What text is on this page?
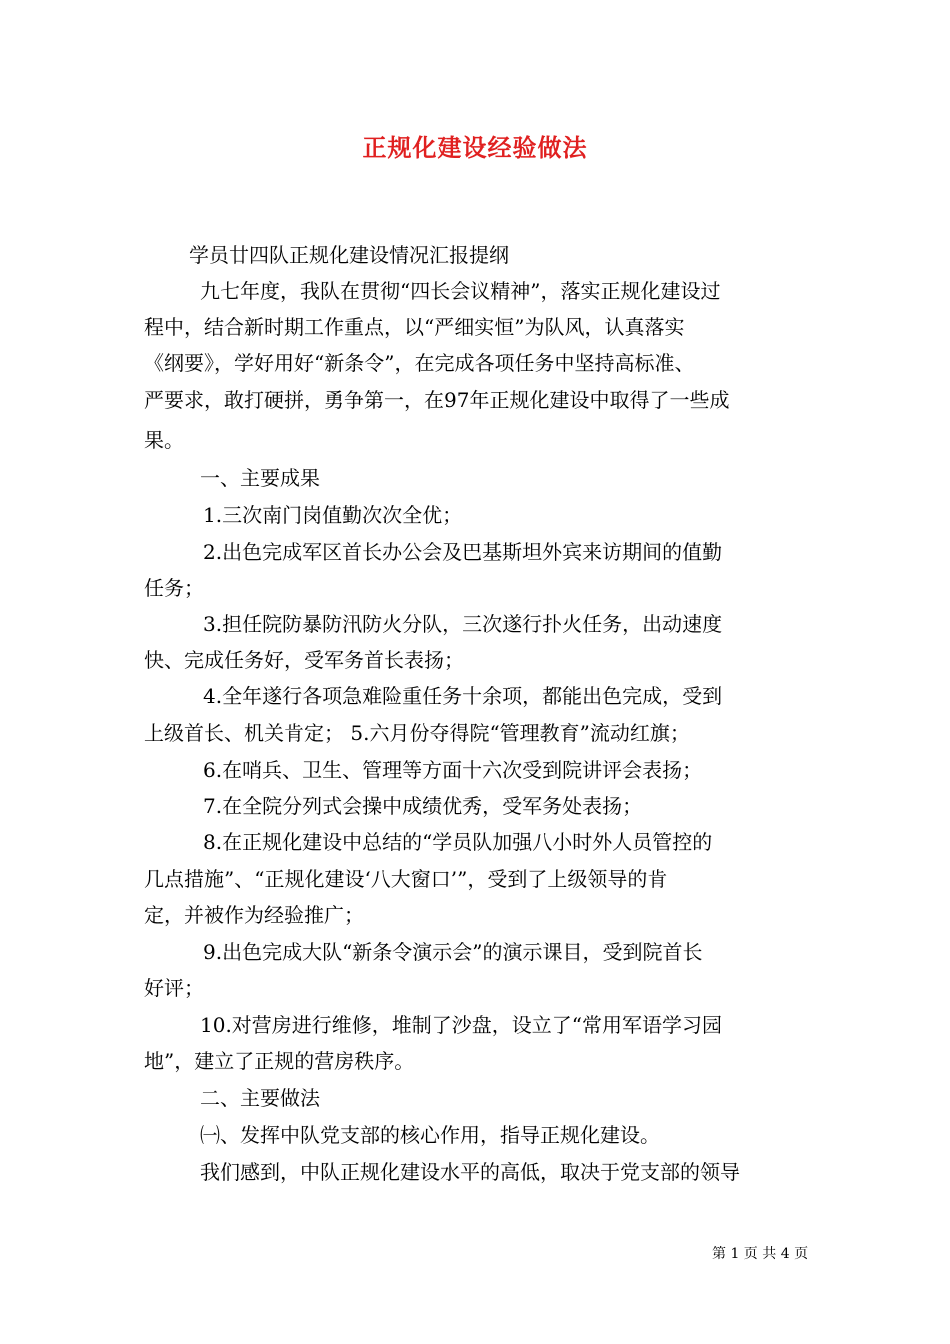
正规化建设经验做法
学员廿四队正规化建设情况汇报提纲
九七年度，我队在贯彻“四长会议精神”，落实正规化建设过
程中，结合新时期工作重点，以“严细实恒”为队风，认真落实
《纲要》，学好用好“新条令”，在完成各项任务中坚持高标准、
严要求，敢打硬拼，勇争第一，在97年正规化建设中取得了一些成
果。
一、主要成果
1.三次南门岗值勤次次全优；
2.出色完成军区首长办公会及巴基斯坦外宾来访期间的值勤
任务；
3.担任院防暴防汛防火分队，三次遂行扑火任务，出动速度
快、完成任务好，受军务首长表扬；
4.全年遂行各项急难险重任务十余项，都能出色完成，受到
上级首长、机关肯定； 5.六月份夺得院“管理教育”流动红旗；
6.在哨兵、卫生、管理等方面十六次受到院讲评会表扬；
7.在全院分列式会操中成绩优秀，受军务处表扬；
8.在正规化建设中总结的“学员队加强八小时外人员管控的
几点措施”、“正规化建设‘八大窗口’”，受到了上级领导的肯
定，并被作为经验推广；
9.出色完成大队“新条令演示会”的演示课目，受到院首长
好评；
10.对营房进行维修，堆制了沙盘，设立了“常用军语学习园
地”，建立了正规的营房秩序。
二、主要做法
㈠、发挥中队党支部的核心作用，指导正规化建设。
我们感到，中队正规化建设水平的高低，取决于党支部的领导
第 1 页 共 4 页
